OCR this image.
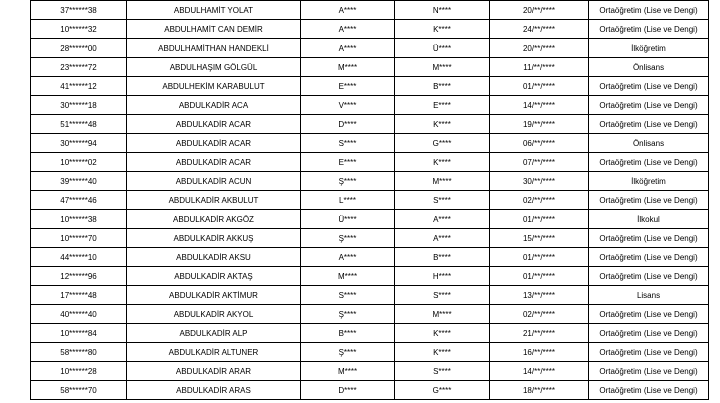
37******38	ABDULHAMİT YOLAT	A****	N****	20/**/****	Ortaöğretim (Lise ve Dengi)
10******32	ABDULHAMİT CAN DEMİR	A****	K****	24/**/****	Ortaöğretim (Lise ve Dengi)
28******00	ABDULHAMİTHAN HANDEKLİ	A****	Ü****	20/**/****	İlköğretim
23******72	ABDULHAŞIM GÖLGÜL	M****	M****	11/**/****	Önlisans
41******12	ABDULHEKİM KARABULUT	E****	B****	01/**/****	Ortaöğretim (Lise ve Dengi)
30******18	ABDULKADİR ACA	V****	E****	14/**/****	Ortaöğretim (Lise ve Dengi)
51******48	ABDULKADİR ACAR	D****	K****	19/**/****	Ortaöğretim (Lise ve Dengi)
30******94	ABDULKADİR ACAR	S****	G****	06/**/****	Önlisans
10******02	ABDULKADİR ACAR	E****	K****	07/**/****	Ortaöğretim (Lise ve Dengi)
39******40	ABDULKADİR ACUN	Ş****	M****	30/**/****	İlköğretim
47******46	ABDULKADİR AKBULUT	L****	S****	02/**/****	Ortaöğretim (Lise ve Dengi)
10******38	ABDULKADİR AKGÖZ	Ü****	A****	01/**/****	İlkokul
10******70	ABDULKADİR AKKUŞ	Ş****	A****	15/**/****	Ortaöğretim (Lise ve Dengi)
44******10	ABDULKADİR AKSU	A****	B****	01/**/****	Ortaöğretim (Lise ve Dengi)
12******96	ABDULKADİR AKTAŞ	M****	H****	01/**/****	Ortaöğretim (Lise ve Dengi)
17******48	ABDULKADİR AKTİMUR	S****	S****	13/**/****	Lisans
40******40	ABDULKADİR AKYOL	Ş****	M****	02/**/****	Ortaöğretim (Lise ve Dengi)
10******84	ABDULKADİR ALP	B****	K****	21/**/****	Ortaöğretim (Lise ve Dengi)
58******80	ABDULKADİR ALTUNER	Ş****	K****	16/**/****	Ortaöğretim (Lise ve Dengi)
10******28	ABDULKADİR ARAR	M****	S****	14/**/****	Ortaöğretim (Lise ve Dengi)
58******70	ABDULKADİR ARAS	D****	G****	18/**/****	Ortaöğretim (Lise ve Dengi)
